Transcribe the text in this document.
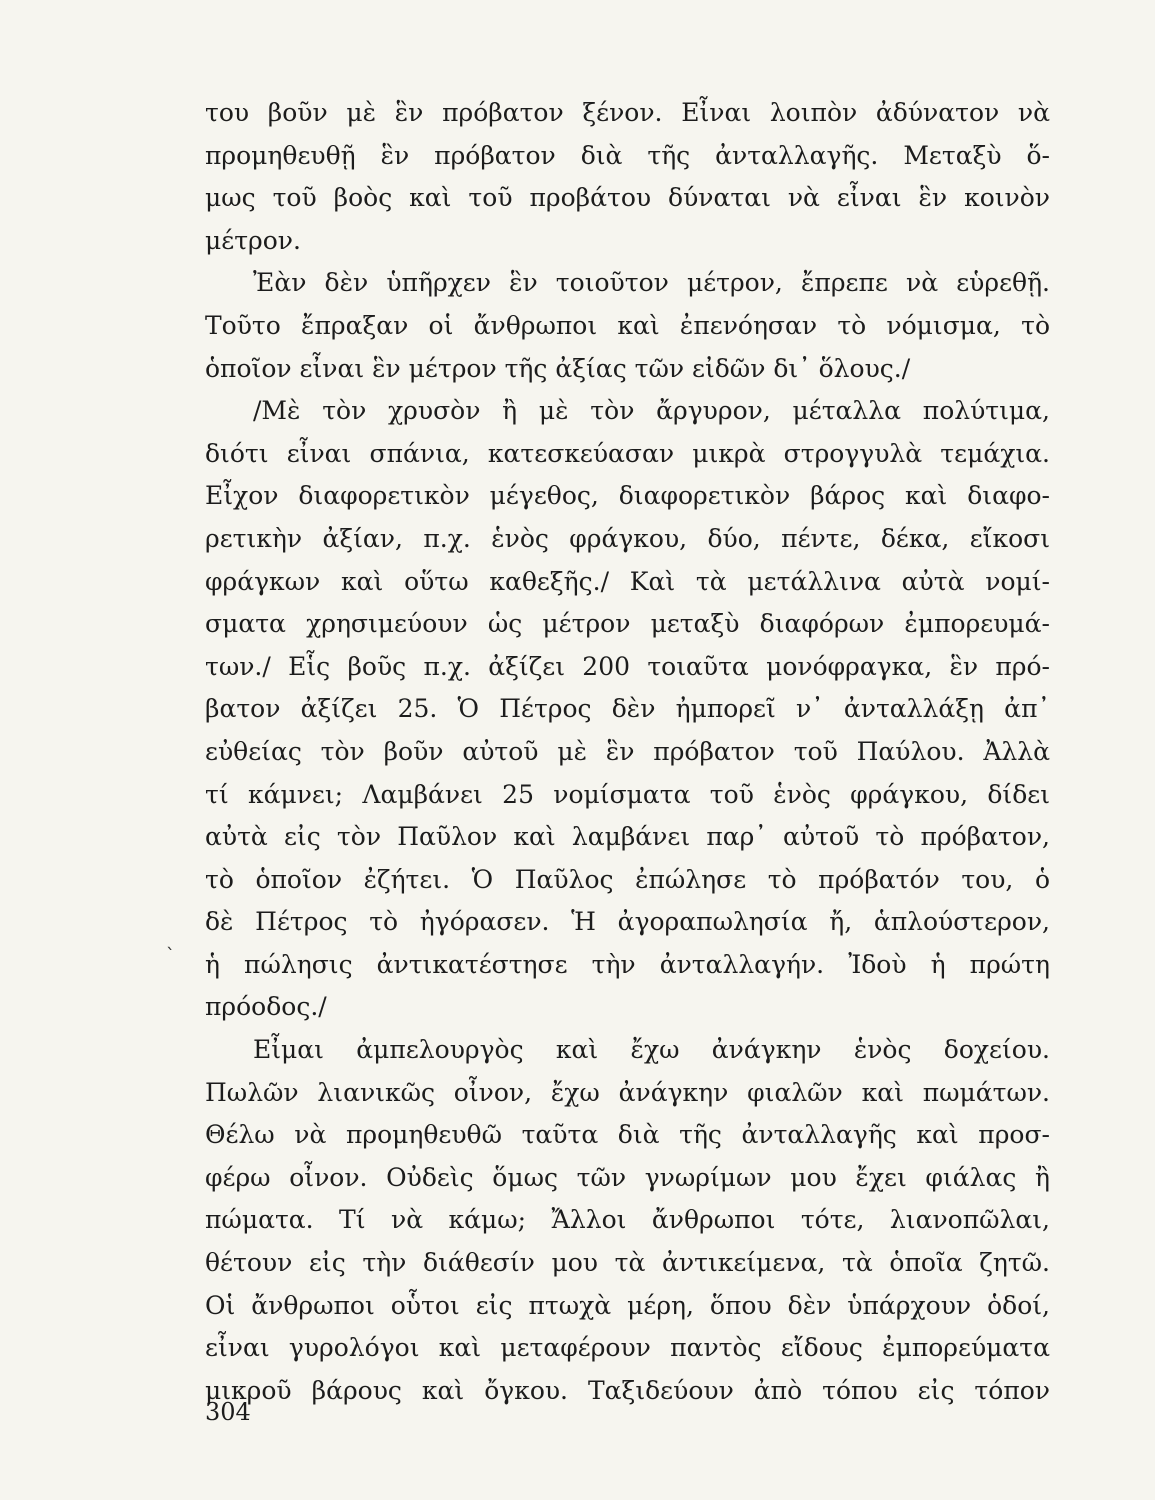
του βοῦν μὲ ἓν πρόβατον ξένον. Εἶναι λοιπὸν ἀδύνατον νὰ
προμηθευθῇ ἓν πρόβατον διὰ τῆς ἀνταλλαγῆς. Μεταξὺ ὅ-
μως τοῦ βοὸς καὶ τοῦ προβάτου δύναται νὰ εἶναι ἓν κοινὸν
μέτρον.
Ἐὰν δὲν ὑπῆρχεν ἓν τοιοῦτον μέτρον, ἔπρεπε νὰ εὑρεθῇ.
Τοῦτο ἔπραξαν οἱ ἄνθρωποι καὶ ἐπενόησαν τὸ νόμισμα, τὸ
ὁποῖον εἶναι ἓν μέτρον τῆς ἀξίας τῶν εἰδῶν δι᾿ ὅλους./
/Μὲ τὸν χρυσὸν ἢ μὲ τὸν ἄργυρον, μέταλλα πολύτιμα,
διότι εἶναι σπάνια, κατεσκεύασαν μικρὰ στρογγυλὰ τεμάχια.
Εἶχον διαφορετικὸν μέγεθος, διαφορετικὸν βάρος καὶ διαφο-
ρετικὴν ἀξίαν, π.χ. ἑνὸς φράγκου, δύο, πέντε, δέκα, εἴκοσι
φράγκων καὶ οὕτω καθεξῆς./ Καὶ τὰ μετάλλινα αὐτὰ νομί-
σματα χρησιμεύουν ὡς μέτρον μεταξὺ διαφόρων ἐμπορευμά-
των./ Εἷς βοῦς π.χ. ἀξίζει 200 τοιαῦτα μονόφραγκα, ἓν πρό-
βατον ἀξίζει 25. Ὁ Πέτρος δὲν ἠμπορεῖ ν᾿ ἀνταλλάξῃ ἀπ᾿
εὐθείας τὸν βοῦν αὐτοῦ μὲ ἓν πρόβατον τοῦ Παύλου. Ἀλλὰ
τί κάμνει; Λαμβάνει 25 νομίσματα τοῦ ἑνὸς φράγκου, δίδει
αὐτὰ εἰς τὸν Παῦλον καὶ λαμβάνει παρ᾿ αὐτοῦ τὸ πρόβατον,
τὸ ὁποῖον ἐζήτει. Ὁ Παῦλος ἐπώλησε τὸ πρόβατόν του, ὁ
δὲ Πέτρος τὸ ἠγόρασεν. Ἡ ἀγοραπωλησία ἤ, ἁπλούστερον,
ἡ πώλησις ἀντικατέστησε τὴν ἀνταλλαγήν. Ἰδοὺ ἡ πρώτη
πρόοδος./
Εἶμαι ἀμπελουργὸς καὶ ἔχω ἀνάγκην ἑνὸς δοχείου.
Πωλῶν λιανικῶς οἶνον, ἔχω ἀνάγκην φιαλῶν καὶ πωμάτων.
Θέλω νὰ προμηθευθῶ ταῦτα διὰ τῆς ἀνταλλαγῆς καὶ προσ-
φέρω οἶνον. Οὐδεὶς ὅμως τῶν γνωρίμων μου ἔχει φιάλας ἢ
πώματα. Τί νὰ κάμω; Ἄλλοι ἄνθρωποι τότε, λιανοπῶλαι,
θέτουν εἰς τὴν διάθεσίν μου τὰ ἀντικείμενα, τὰ ὁποῖα ζητῶ.
Οἱ ἄνθρωποι οὗτοι εἰς πτωχὰ μέρη, ὅπου δὲν ὑπάρχουν ὁδοί,
εἶναι γυρολόγοι καὶ μεταφέρουν παντὸς εἴδους ἐμπορεύματα
μικροῦ βάρους καὶ ὄγκου. Ταξιδεύουν ἀπὸ τόπου εἰς τόπον
ˎ
304
